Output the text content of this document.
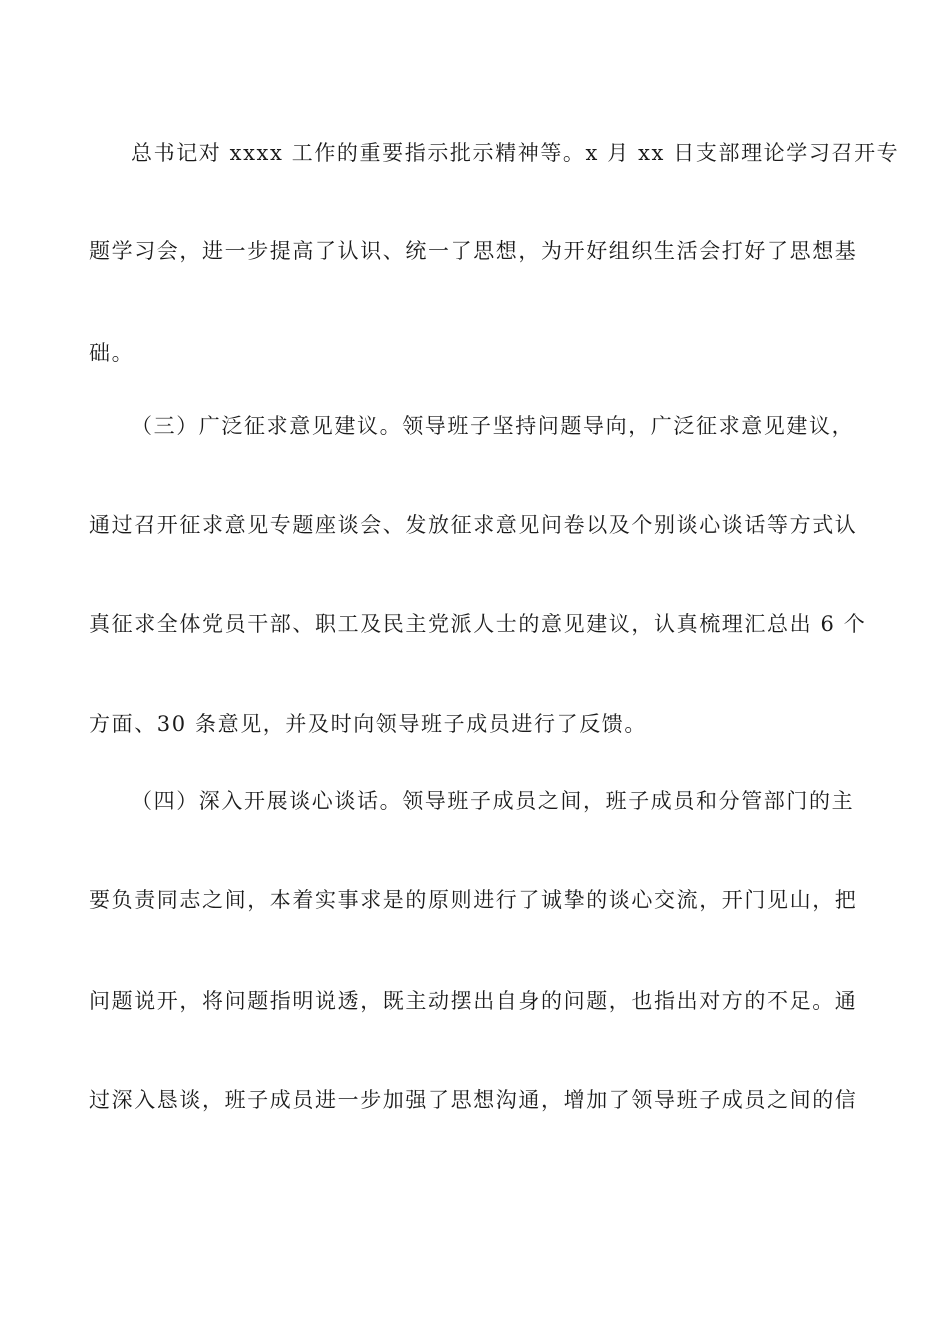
总书记对 xxxx 工作的重要指示批示精神等。x 月 xx 日支部理论学习召开专
题学习会，进一步提高了认识、统一了思想，为开好组织生活会打好了思想基
础。
（三）广泛征求意见建议。领导班子坚持问题导向，广泛征求意见建议，
通过召开征求意见专题座谈会、发放征求意见问卷以及个别谈心谈话等方式认
真征求全体党员干部、职工及民主党派人士的意见建议，认真梳理汇总出 6 个
方面、30 条意见，并及时向领导班子成员进行了反馈。
（四）深入开展谈心谈话。领导班子成员之间，班子成员和分管部门的主
要负责同志之间，本着实事求是的原则进行了诚挚的谈心交流，开门见山，把
问题说开，将问题指明说透，既主动摆出自身的问题，也指出对方的不足。通
过深入恳谈，班子成员进一步加强了思想沟通，增加了领导班子成员之间的信
